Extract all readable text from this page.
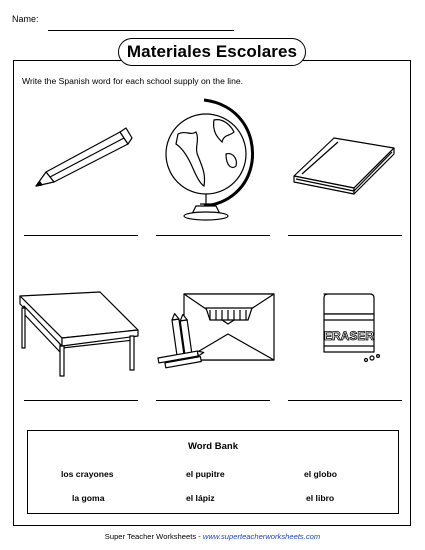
Name:
Materiales Escolares
Write the Spanish word for each school supply on the line.
ERASER
Word Bank
los crayones	el pupitre	el globo
la goma	el lápiz	el libro
Super Teacher Worksheets - www.superteacherworksheets.com
